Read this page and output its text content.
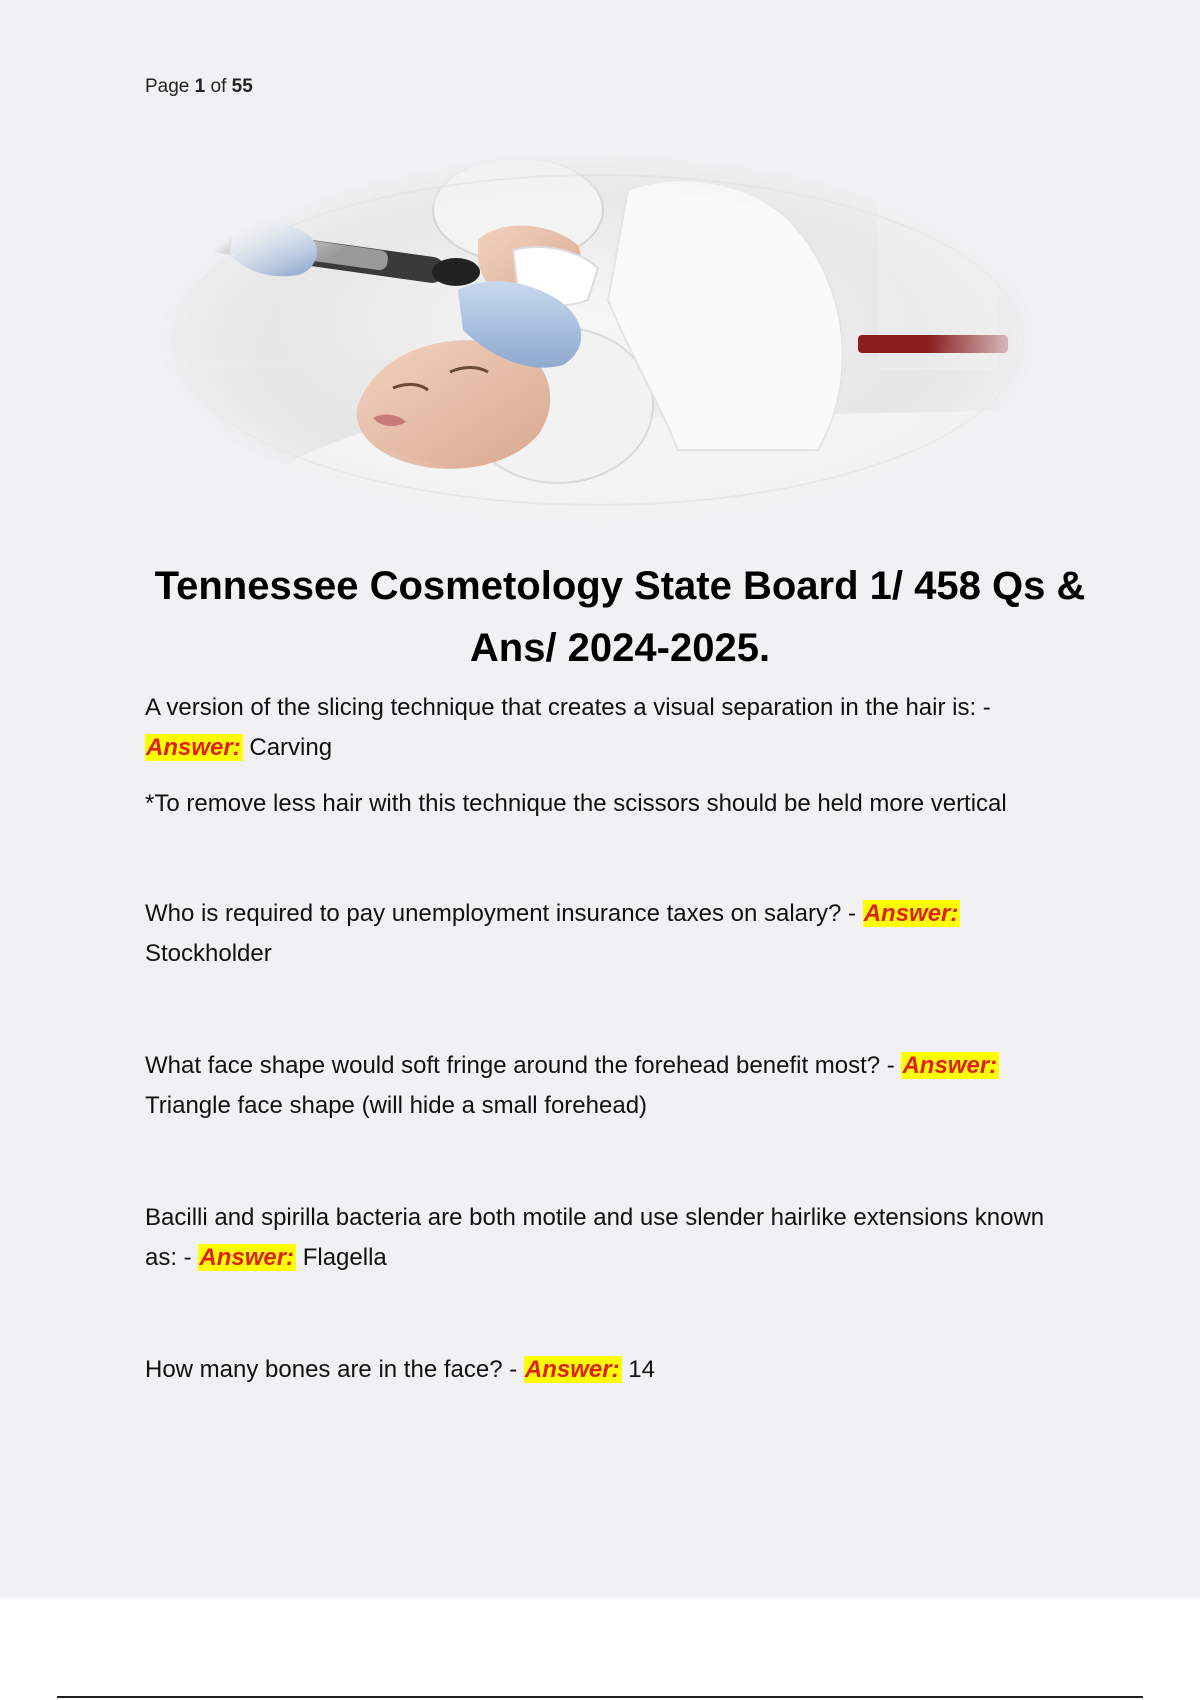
Page 1 of 55
Tennessee Cosmetology State Board 1/ 458 Qs & Ans/ 2024-2025.

A version of the slicing technique that creates a visual separation in the hair is: - Answer: Carving

*To remove less hair with this technique the scissors should be held more vertical

Who is required to pay unemployment insurance taxes on salary? - Answer: Stockholder

What face shape would soft fringe around the forehead benefit most? - Answer: Triangle face shape (will hide a small forehead)

Bacilli and spirilla bacteria are both motile and use slender hairlike extensions known as: - Answer: Flagella

How many bones are in the face? - Answer: 14
